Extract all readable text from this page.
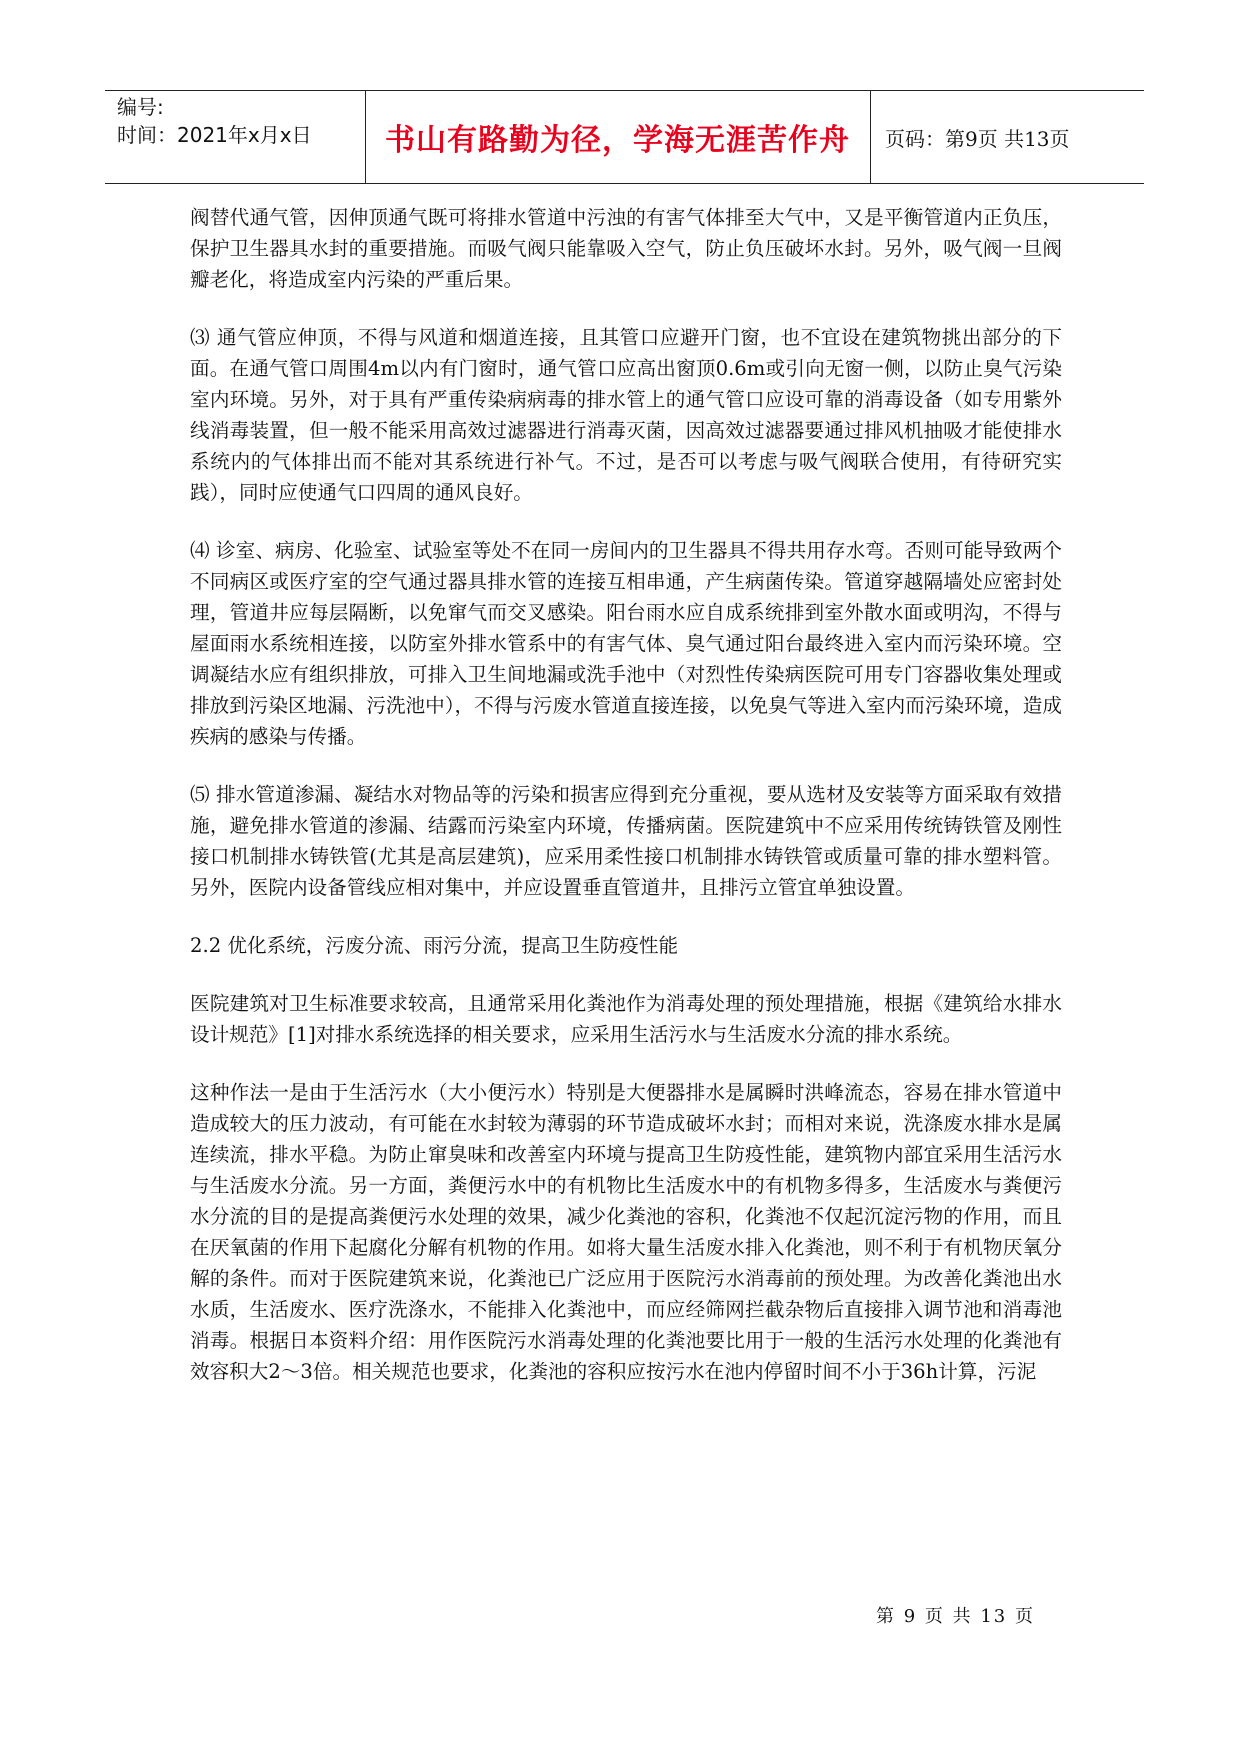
编号:
时间：2021年x月x日	书山有路勤为径，学海无涯苦作舟	页码：第9页 共13页

阀替代通气管，因伸顶通气既可将排水管道中污浊的有害气体排至大气中，又是平衡管道内正负压，保护卫生器具水封的重要措施。而吸气阀只能靠吸入空气，防止负压破坏水封。另外，吸气阀一旦阀瓣老化，将造成室内污染的严重后果。

⑶ 通气管应伸顶，不得与风道和烟道连接，且其管口应避开门窗，也不宜设在建筑物挑出部分的下面。在通气管口周围4m以内有门窗时，通气管口应高出窗顶0.6m或引向无窗一侧，以防止臭气污染室内环境。另外，对于具有严重传染病病毒的排水管上的通气管口应设可靠的消毒设备（如专用紫外线消毒装置，但一般不能采用高效过滤器进行消毒灭菌，因高效过滤器要通过排风机抽吸才能使排水系统内的气体排出而不能对其系统进行补气。不过，是否可以考虑与吸气阀联合使用，有待研究实践），同时应使通气口四周的通风良好。

⑷ 诊室、病房、化验室、试验室等处不在同一房间内的卫生器具不得共用存水弯。否则可能导致两个不同病区或医疗室的空气通过器具排水管的连接互相串通，产生病菌传染。管道穿越隔墙处应密封处理，管道井应每层隔断，以免窜气而交叉感染。阳台雨水应自成系统排到室外散水面或明沟，不得与屋面雨水系统相连接，以防室外排水管系中的有害气体、臭气通过阳台最终进入室内而污染环境。空调凝结水应有组织排放，可排入卫生间地漏或洗手池中（对烈性传染病医院可用专门容器收集处理或排放到污染区地漏、污洗池中），不得与污废水管道直接连接，以免臭气等进入室内而污染环境，造成疾病的感染与传播。

⑸ 排水管道渗漏、凝结水对物品等的污染和损害应得到充分重视，要从选材及安装等方面采取有效措施，避免排水管道的渗漏、结露而污染室内环境，传播病菌。医院建筑中不应采用传统铸铁管及刚性接口机制排水铸铁管(尤其是高层建筑)，应采用柔性接口机制排水铸铁管或质量可靠的排水塑料管。另外，医院内设备管线应相对集中，并应设置垂直管道井，且排污立管宜单独设置。

2.2 优化系统，污废分流、雨污分流，提高卫生防疫性能

医院建筑对卫生标准要求较高，且通常采用化粪池作为消毒处理的预处理措施，根据《建筑给水排水设计规范》[1]对排水系统选择的相关要求，应采用生活污水与生活废水分流的排水系统。

这种作法一是由于生活污水（大小便污水）特别是大便器排水是属瞬时洪峰流态，容易在排水管道中造成较大的压力波动，有可能在水封较为薄弱的环节造成破坏水封；而相对来说，洗涤废水排水是属连续流，排水平稳。为防止窜臭味和改善室内环境与提高卫生防疫性能，建筑物内部宜采用生活污水与生活废水分流。另一方面，粪便污水中的有机物比生活废水中的有机物多得多，生活废水与粪便污水分流的目的是提高粪便污水处理的效果，减少化粪池的容积，化粪池不仅起沉淀污物的作用，而且在厌氧菌的作用下起腐化分解有机物的作用。如将大量生活废水排入化粪池，则不利于有机物厌氧分解的条件。而对于医院建筑来说，化粪池已广泛应用于医院污水消毒前的预处理。为改善化粪池出水水质，生活废水、医疗洗涤水，不能排入化粪池中，而应经筛网拦截杂物后直接排入调节池和消毒池消毒。根据日本资料介绍：用作医院污水消毒处理的化粪池要比用于一般的生活污水处理的化粪池有效容积大2～3倍。相关规范也要求，化粪池的容积应按污水在池内停留时间不小于36h计算，污泥

第 9 页 共 13 页
